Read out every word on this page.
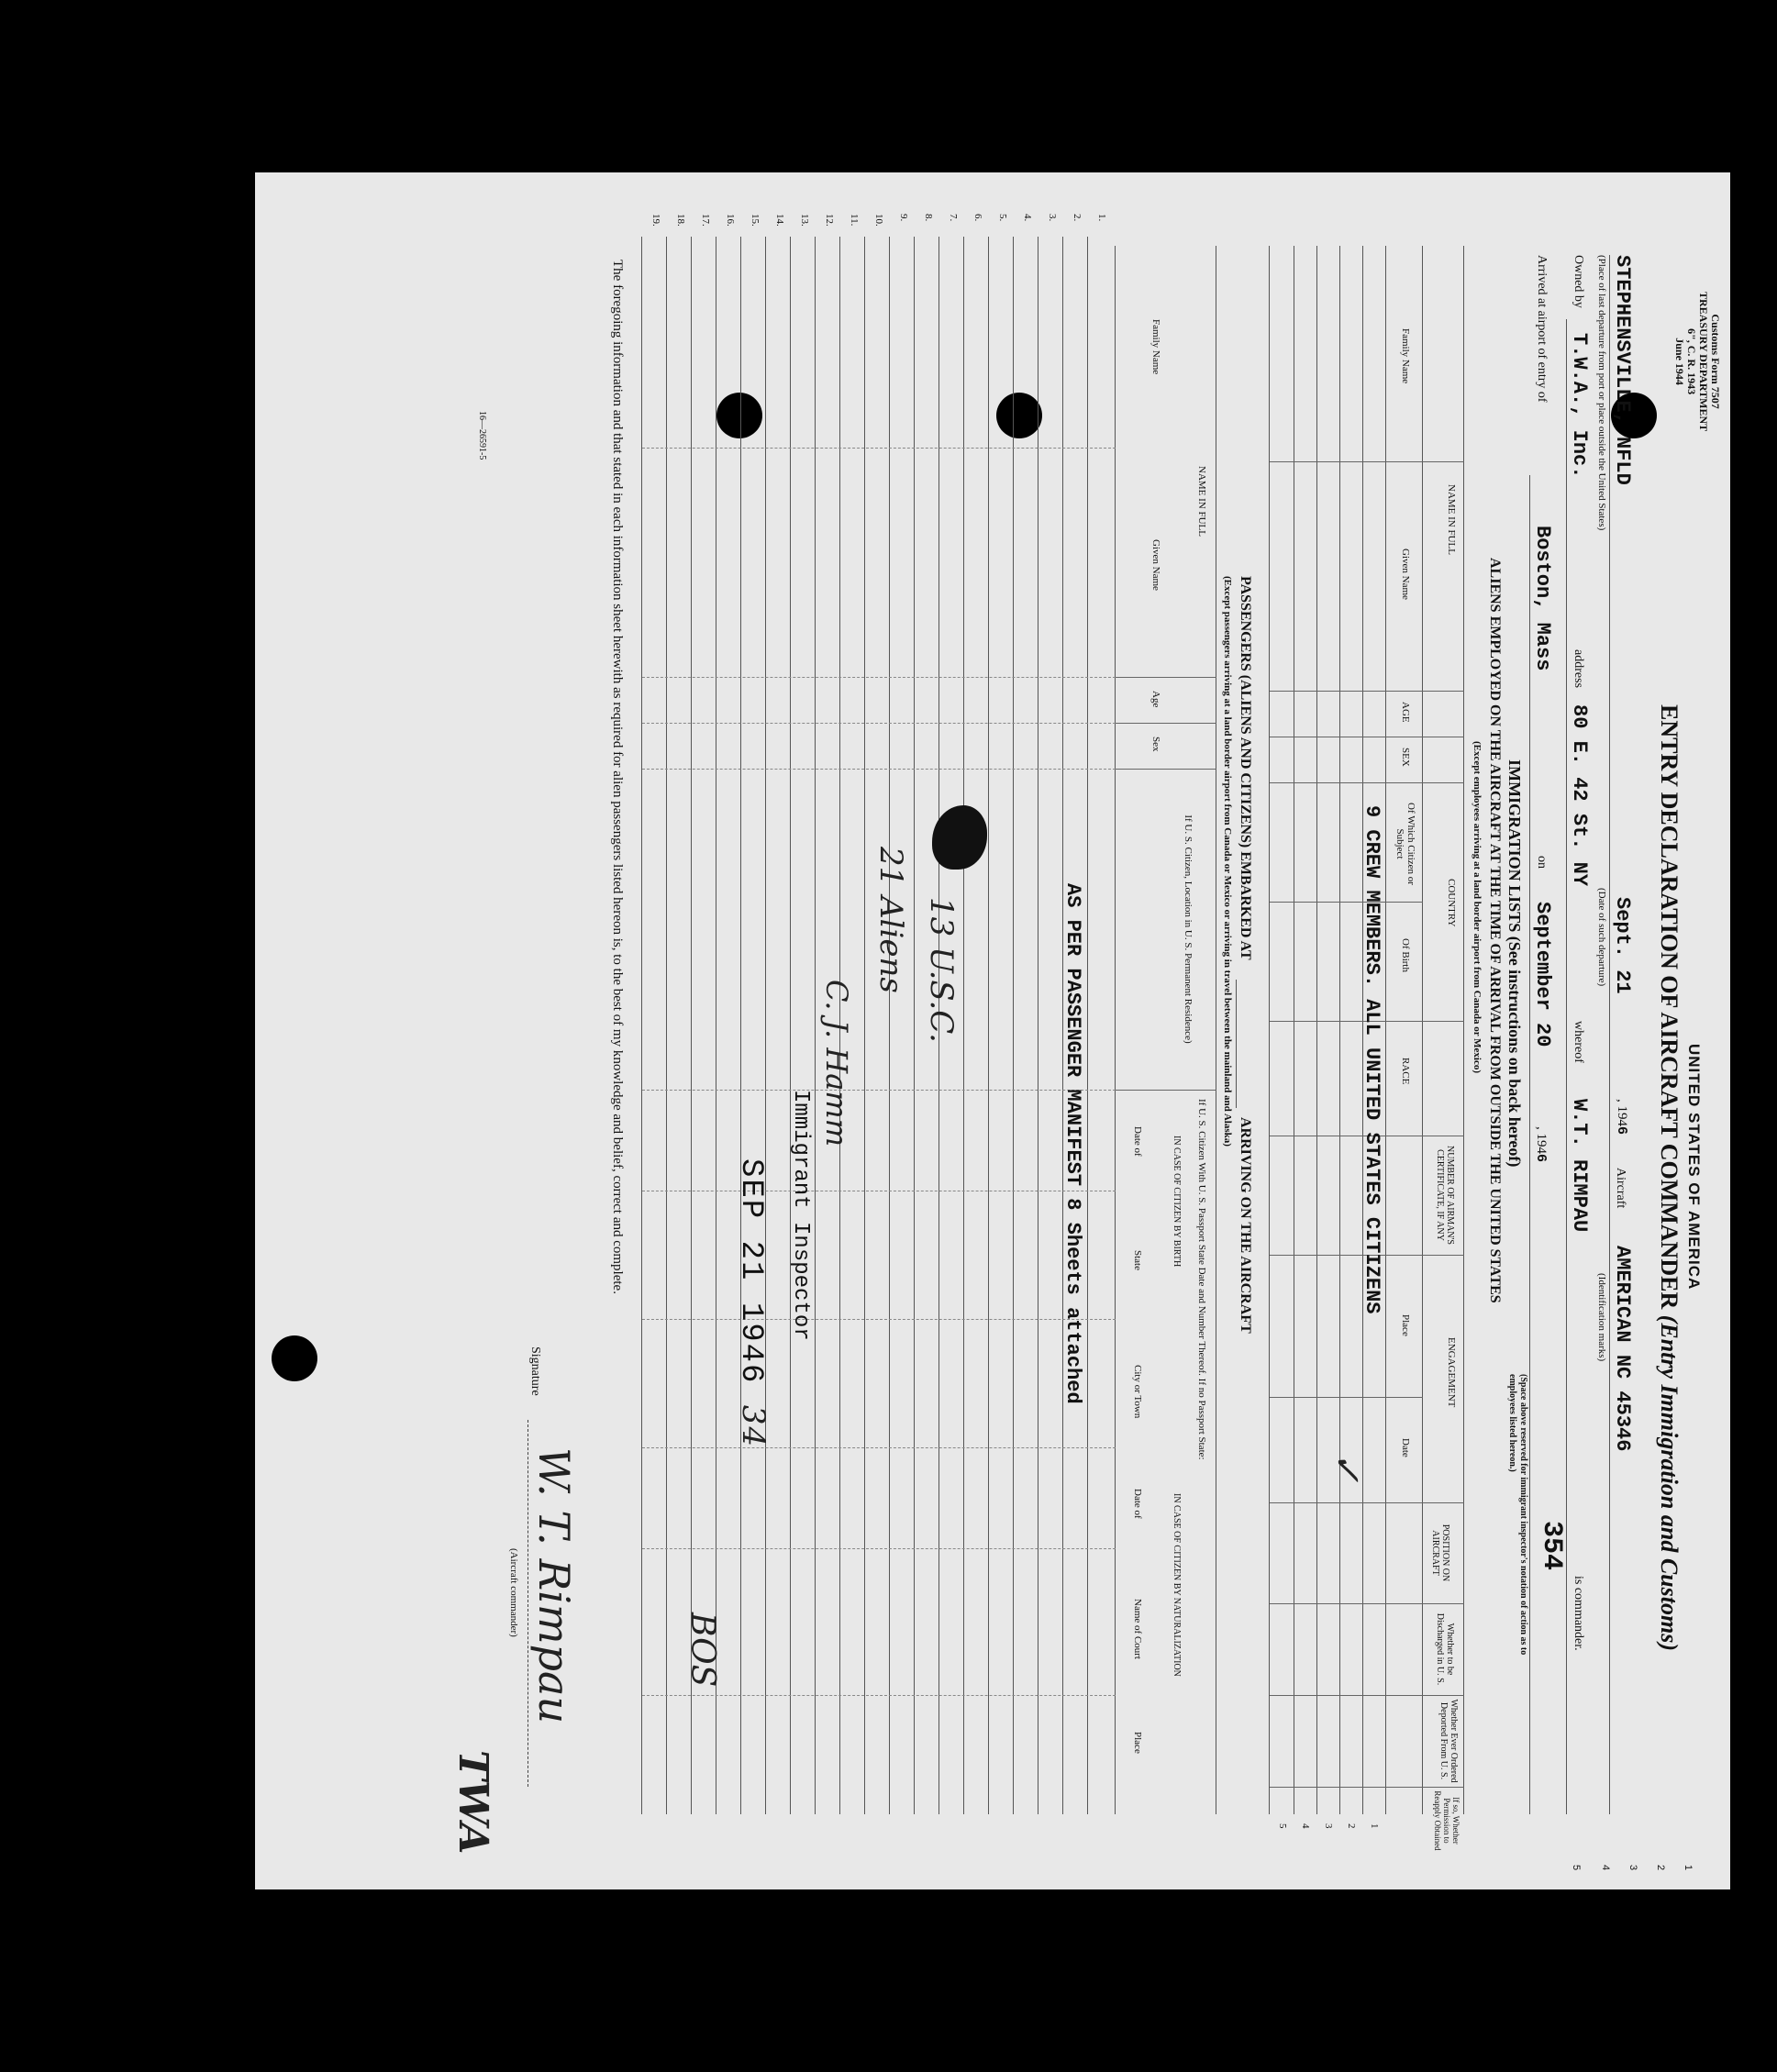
1
2
3
4
5
Customs Form 7507
TREASURY DEPARTMENT
6", C. R. 1943
June 1944
UNITED STATES OF AMERICA
ENTRY DECLARATION OF AIRCRAFT COMMANDER (Entry Immigration and Customs)
STEPHENSVILLE, NFLD
Sept. 21
, 1946
Aircraft
AMERICAN NC 45346
(Place of last departure from port or place outside the United States)
(Date of such departure)
(Identification marks)
Owned by
T.W.A., Inc.
address
80 E. 42 St. NY
whereof
W.T. RIMPAU
is commander.
Arrived at airport of entry of
Boston, Mass
on
September 20
, 1946
354
(Space above reserved for immigrant inspector's notation of action as to employees listed hereon.)
IMMIGRATION LISTS (See instructions on back hereof)
ALIENS EMPLOYED ON THE AIRCRAFT AT THE TIME OF ARRIVAL FROM OUTSIDE THE UNITED STATES
(Except employees arriving at a land border airport from Canada or Mexico)
NAME IN FULL
Family Name
Given Name
AGE
SEX
COUNTRY
Of Which Citizen or Subject
Of Birth
RACE
NUMBER OF AIRMAN'S CERTIFICATE, IF ANY
ENGAGEMENT
Place
Date
POSITION ON AIRCRAFT
Whether to be Discharged in U. S.
Whether Ever Ordered Deported From U. S.
If so, Whether Permission to Reapply Obtained
1
2
3
4
5
9 CREW MEMBERS. ALL UNITED STATES CITIZENS
✓
PASSENGERS (ALIENS AND CITIZENS) EMBARKED AT
ARRIVING ON THE AIRCRAFT
(Except passengers arriving at a land border airport from Canada or Mexico or arriving in travel between the mainland and Alaska)
NAME IN FULL
Family Name
Given Name
Age
Sex
If U. S. Citizen, Location in U. S. Permanent Residence)
If U. S. Citizen With U. S. Passport State Date and Number Thereof. If no Passport State:
IN CASE OF CITIZEN BY BIRTH
IN CASE OF CITIZEN BY NATURALIZATION
Date of
State
City or Town
Date of
Name of Court
Place
1.
2.
3.
4.
5.
6.
7.
8.
9.
10.
11.
12.
13.
14.
15.
16.
17.
18.
19.
AS PER PASSENGER MANIFEST 8 Sheets attached
13 U.S.C.
21 Aliens
C. J. Hamm
Immigrant Inspector
SEP 21 1946 34
BOS
The foregoing information and that stated in each information sheet herewith as required for alien passengers listed hereon is, to the best of my knowledge and belief, correct and complete.
Signature
W. T. Rimpau
(Aircraft commander)
TWA
16—26591-5
